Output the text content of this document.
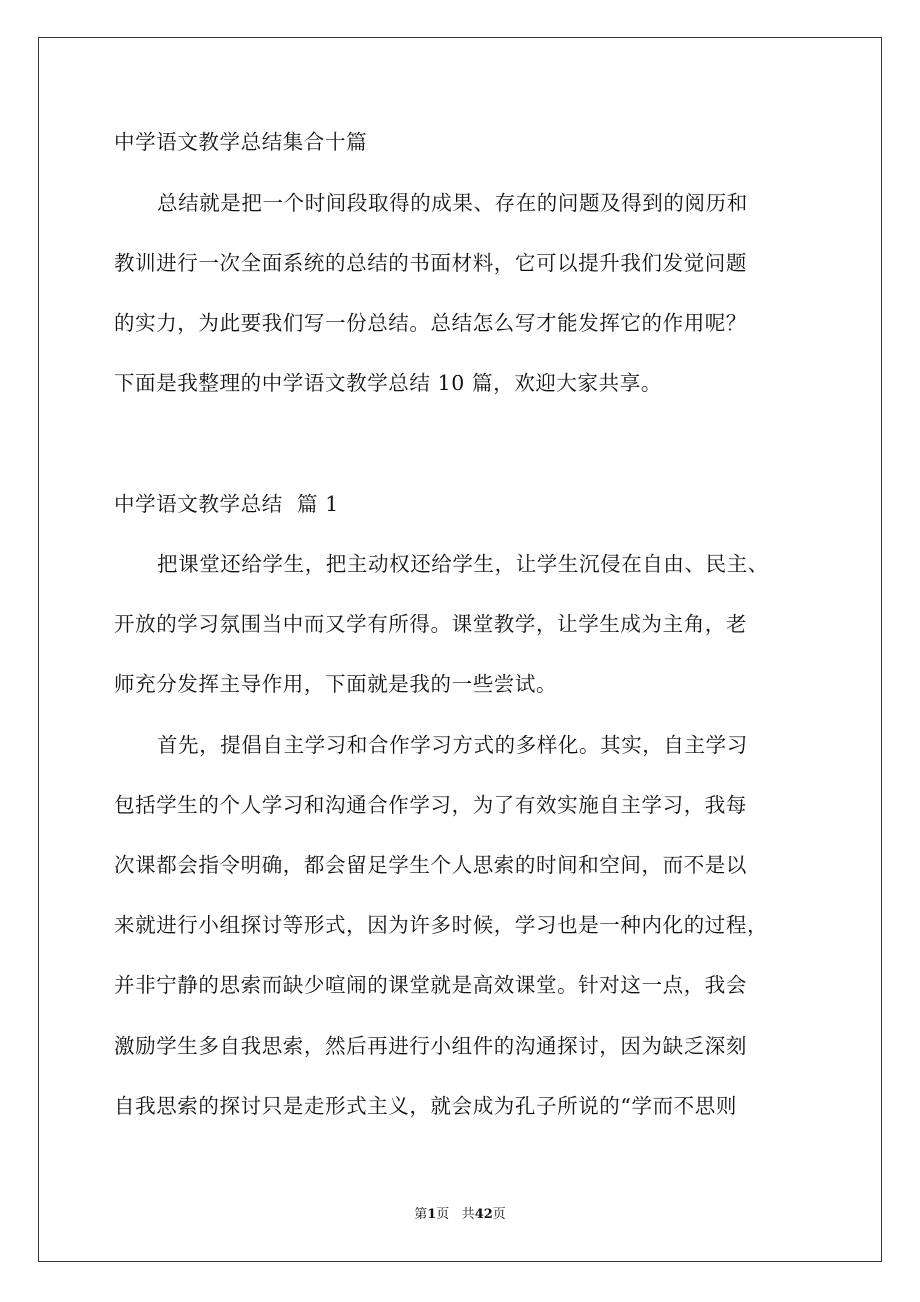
中学语文教学总结集合十篇
总结就是把一个时间段取得的成果、存在的问题及得到的阅历和
教训进行一次全面系统的总结的书面材料，它可以提升我们发觉问题
的实力，为此要我们写一份总结。总结怎么写才能发挥它的作用呢？
下面是我整理的中学语文教学总结 10 篇，欢迎大家共享。
中学语文教学总结  篇 1
把课堂还给学生，把主动权还给学生，让学生沉侵在自由、民主、
开放的学习氛围当中而又学有所得。课堂教学，让学生成为主角，老
师充分发挥主导作用，下面就是我的一些尝试。
首先，提倡自主学习和合作学习方式的多样化。其实，自主学习
包括学生的个人学习和沟通合作学习，为了有效实施自主学习，我每
次课都会指令明确，都会留足学生个人思索的时间和空间，而不是以
来就进行小组探讨等形式，因为许多时候，学习也是一种内化的过程，
并非宁静的思索而缺少喧闹的课堂就是高效课堂。针对这一点，我会
激励学生多自我思索，然后再进行小组件的沟通探讨，因为缺乏深刻
自我思索的探讨只是走形式主义，就会成为孔子所说的“学而不思则
第1页 共42页
